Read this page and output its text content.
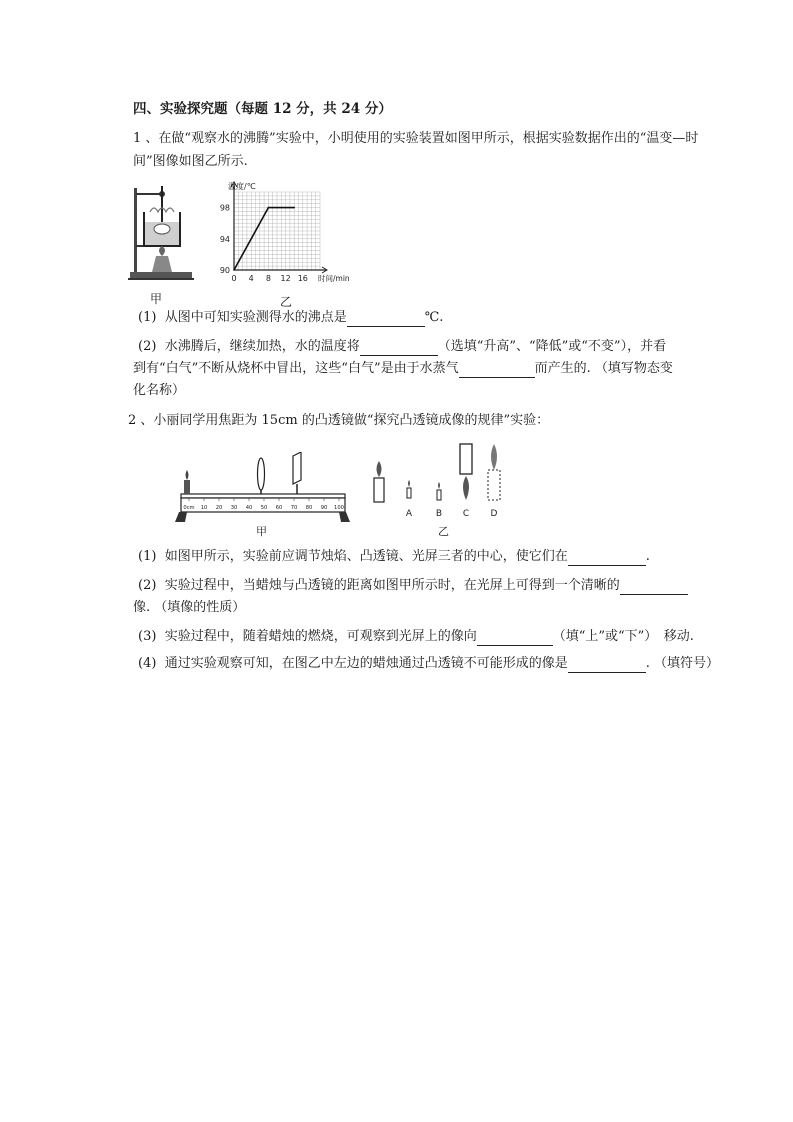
四、实验探究题（每题 12 分，共 24 分）
1 、在做“观察水的沸腾”实验中，小明使用的实验装置如图甲所示，根据实验数据作出的“温变—时
间”图像如图乙所示.
甲
0 4 8 12 16
90
94
98
温度/℃
时间/min
乙
(1) 从图中可知实验测得水的沸点是	℃.
(2) 水沸腾后，继续加热，水的温度将	（选填“升高”、“降低”或“不变”），并看
到有“白气”不断从烧杯中冒出，这些“白气”是由于水蒸气	而产生的. （填写物态变
化名称）
2 、小丽同学用焦距为 15cm 的凸透镜做“探究凸透镜成像的规律”实验：
0cm 10 20 30 40 50 60 70 80 90 100
甲
A	B C D
乙
(1) 如图甲所示，实验前应调节烛焰、凸透镜、光屏三者的中心，使它们在	.
(2) 实验过程中，当蜡烛与凸透镜的距离如图甲所示时，在光屏上可得到一个清晰的
像. （填像的性质）
(3) 实验过程中，随着蜡烛的燃烧，可观察到光屏上的像向	（填“上”或“下”）　移动.
(4) 通过实验观察可知，在图乙中左边的蜡烛通过凸透镜不可能形成的像是	. （填符号）
